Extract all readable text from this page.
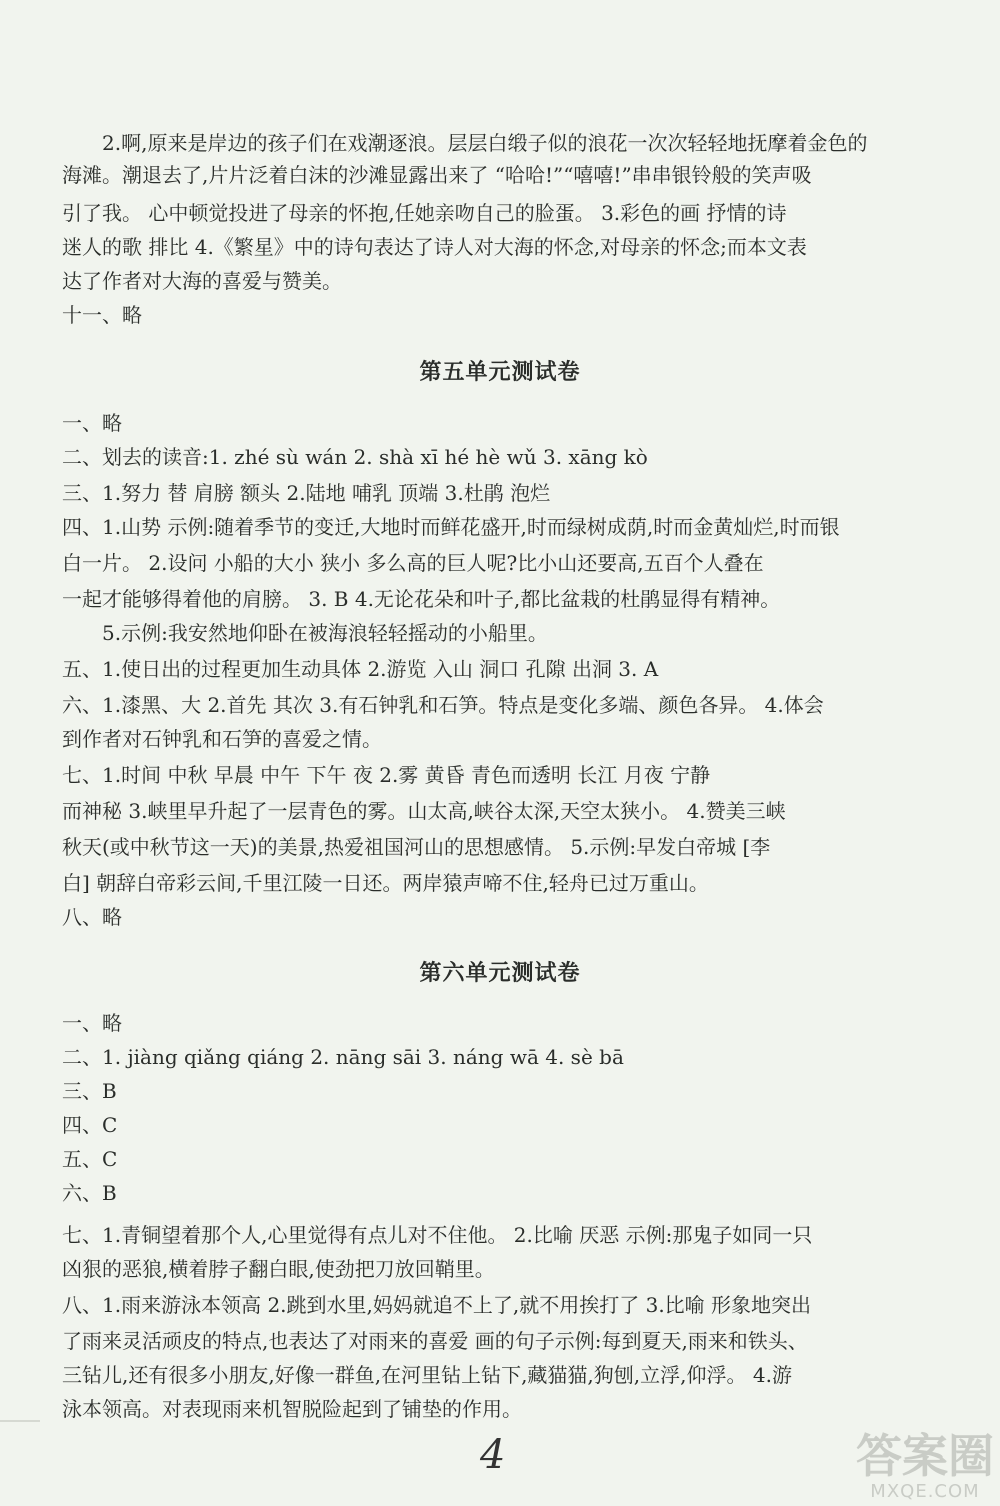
2.啊,原来是岸边的孩子们在戏潮逐浪。层层白缎子似的浪花一次次轻轻地抚摩着金色的
海滩。潮退去了,片片泛着白沫的沙滩显露出来了 “哈哈!”“嘻嘻!”串串银铃般的笑声吸
引了我。 心中顿觉投进了母亲的怀抱,任她亲吻自己的脸蛋。 3.彩色的画 抒情的诗
迷人的歌 排比 4.《繁星》中的诗句表达了诗人对大海的怀念,对母亲的怀念;而本文表
达了作者对大海的喜爱与赞美。
十一、略
第五单元测试卷
一、略
二、划去的读音:1. zhé sù wán 2. shà xī hé hè wǔ 3. xāng kò
三、1.努力 替 肩膀 额头 2.陆地 哺乳 顶端 3.杜鹃 泡烂
四、1.山势 示例:随着季节的变迁,大地时而鲜花盛开,时而绿树成荫,时而金黄灿烂,时而银
白一片。 2.设问 小船的大小 狭小 多么高的巨人呢?比小山还要高,五百个人叠在
一起才能够得着他的肩膀。 3. B 4.无论花朵和叶子,都比盆栽的杜鹃显得有精神。
5.示例:我安然地仰卧在被海浪轻轻摇动的小船里。
五、1.使日出的过程更加生动具体 2.游览 入山 洞口 孔隙 出洞 3. A
六、1.漆黑、大 2.首先 其次 3.有石钟乳和石笋。特点是变化多端、颜色各异。 4.体会
到作者对石钟乳和石笋的喜爱之情。
七、1.时间 中秋 早晨 中午 下午 夜 2.雾 黄昏 青色而透明 长江 月夜 宁静
而神秘 3.峡里早升起了一层青色的雾。山太高,峡谷太深,天空太狭小。 4.赞美三峡
秋天(或中秋节这一天)的美景,热爱祖国河山的思想感情。 5.示例:早发白帝城 [李
白] 朝辞白帝彩云间,千里江陵一日还。两岸猿声啼不住,轻舟已过万重山。
八、略
第六单元测试卷
一、略
二、1. jiàng qiǎng qiáng 2. nāng sāi 3. náng wā 4. sè bā
三、B
四、C
五、C
六、B
七、1.青铜望着那个人,心里觉得有点儿对不住他。 2.比喻 厌恶 示例:那鬼子如同一只
凶狠的恶狼,横着脖子翻白眼,使劲把刀放回鞘里。
八、1.雨来游泳本领高 2.跳到水里,妈妈就追不上了,就不用挨打了 3.比喻 形象地突出
了雨来灵活顽皮的特点,也表达了对雨来的喜爱 画的句子示例:每到夏天,雨来和铁头、
三钻儿,还有很多小朋友,好像一群鱼,在河里钻上钻下,藏猫猫,狗刨,立浮,仰浮。 4.游
泳本领高。对表现雨来机智脱险起到了铺垫的作用。
4	答案圈
MXQE.COM
